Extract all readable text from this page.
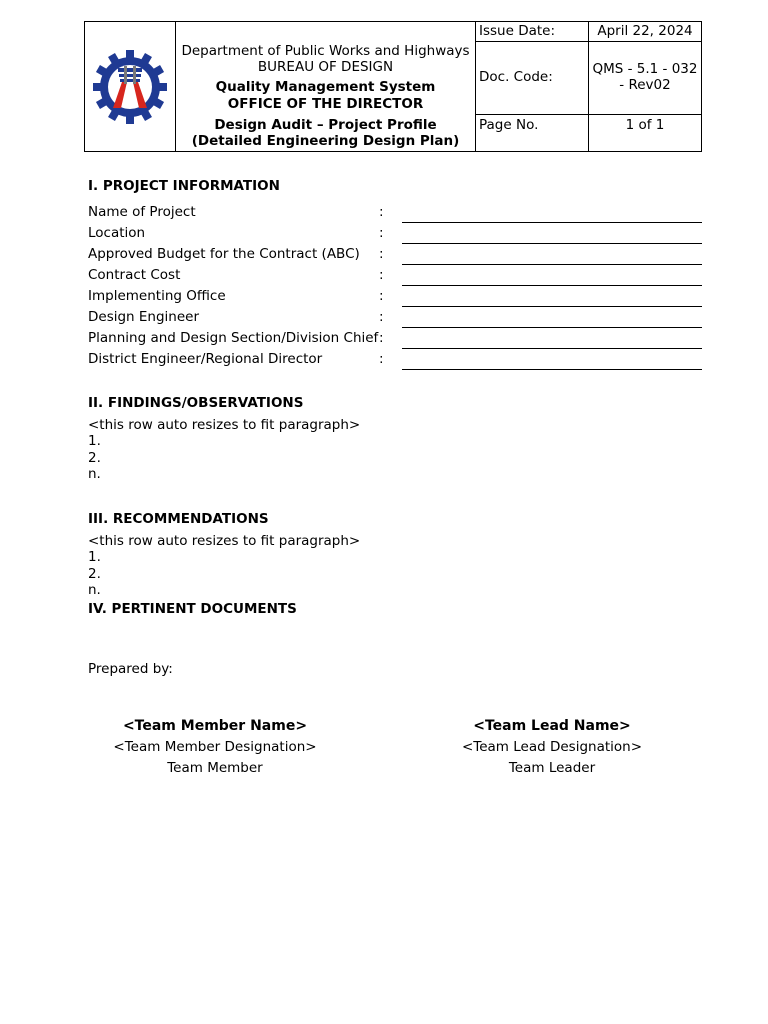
Department of Public Works and Highways
BUREAU OF DESIGN
Quality Management System
OFFICE OF THE DIRECTOR
Design Audit – Project Profile
(Detailed Engineering Design Plan)
Issue Date:	April 22, 2024
Doc. Code:	QMS - 5.1 - 032
- Rev02
Page No.	1 of 1
I. PROJECT INFORMATION
Name of Project	:
Location	:
Approved Budget for the Contract (ABC) :
Contract Cost	:
Implementing Office	:
Design Engineer	:
Planning and Design Section/Division Chief :
District Engineer/Regional Director	:
II. FINDINGS/OBSERVATIONS
<this row auto resizes to fit paragraph>
1.
2.
n.
III. RECOMMENDATIONS
<this row auto resizes to fit paragraph>
1.
2.
n.
IV. PERTINENT DOCUMENTS
Prepared by:
<Team Member Name>
<Team Member Designation>
Team Member
<Team Lead Name>
<Team Lead Designation>
Team Leader
